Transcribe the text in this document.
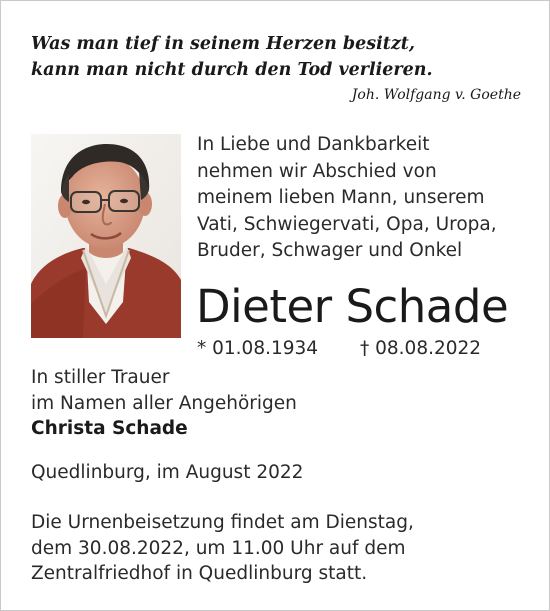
Was man tief in seinem Herzen besitzt,
kann man nicht durch den Tod verlieren.
Joh. Wolfgang v. Goethe
In Liebe und Dankbarkeit
nehmen wir Abschied von
meinem lieben Mann, unserem
Vati, Schwiegervati, Opa, Uropa,
Bruder, Schwager und Onkel
Dieter Schade
* 01.08.1934 † 08.08.2022
In stiller Trauer
im Namen aller Angehörigen
Christa Schade
Quedlinburg, im August 2022
Die Urnenbeisetzung findet am Dienstag,
dem 30.08.2022, um 11.00 Uhr auf dem
Zentralfriedhof in Quedlinburg statt.
